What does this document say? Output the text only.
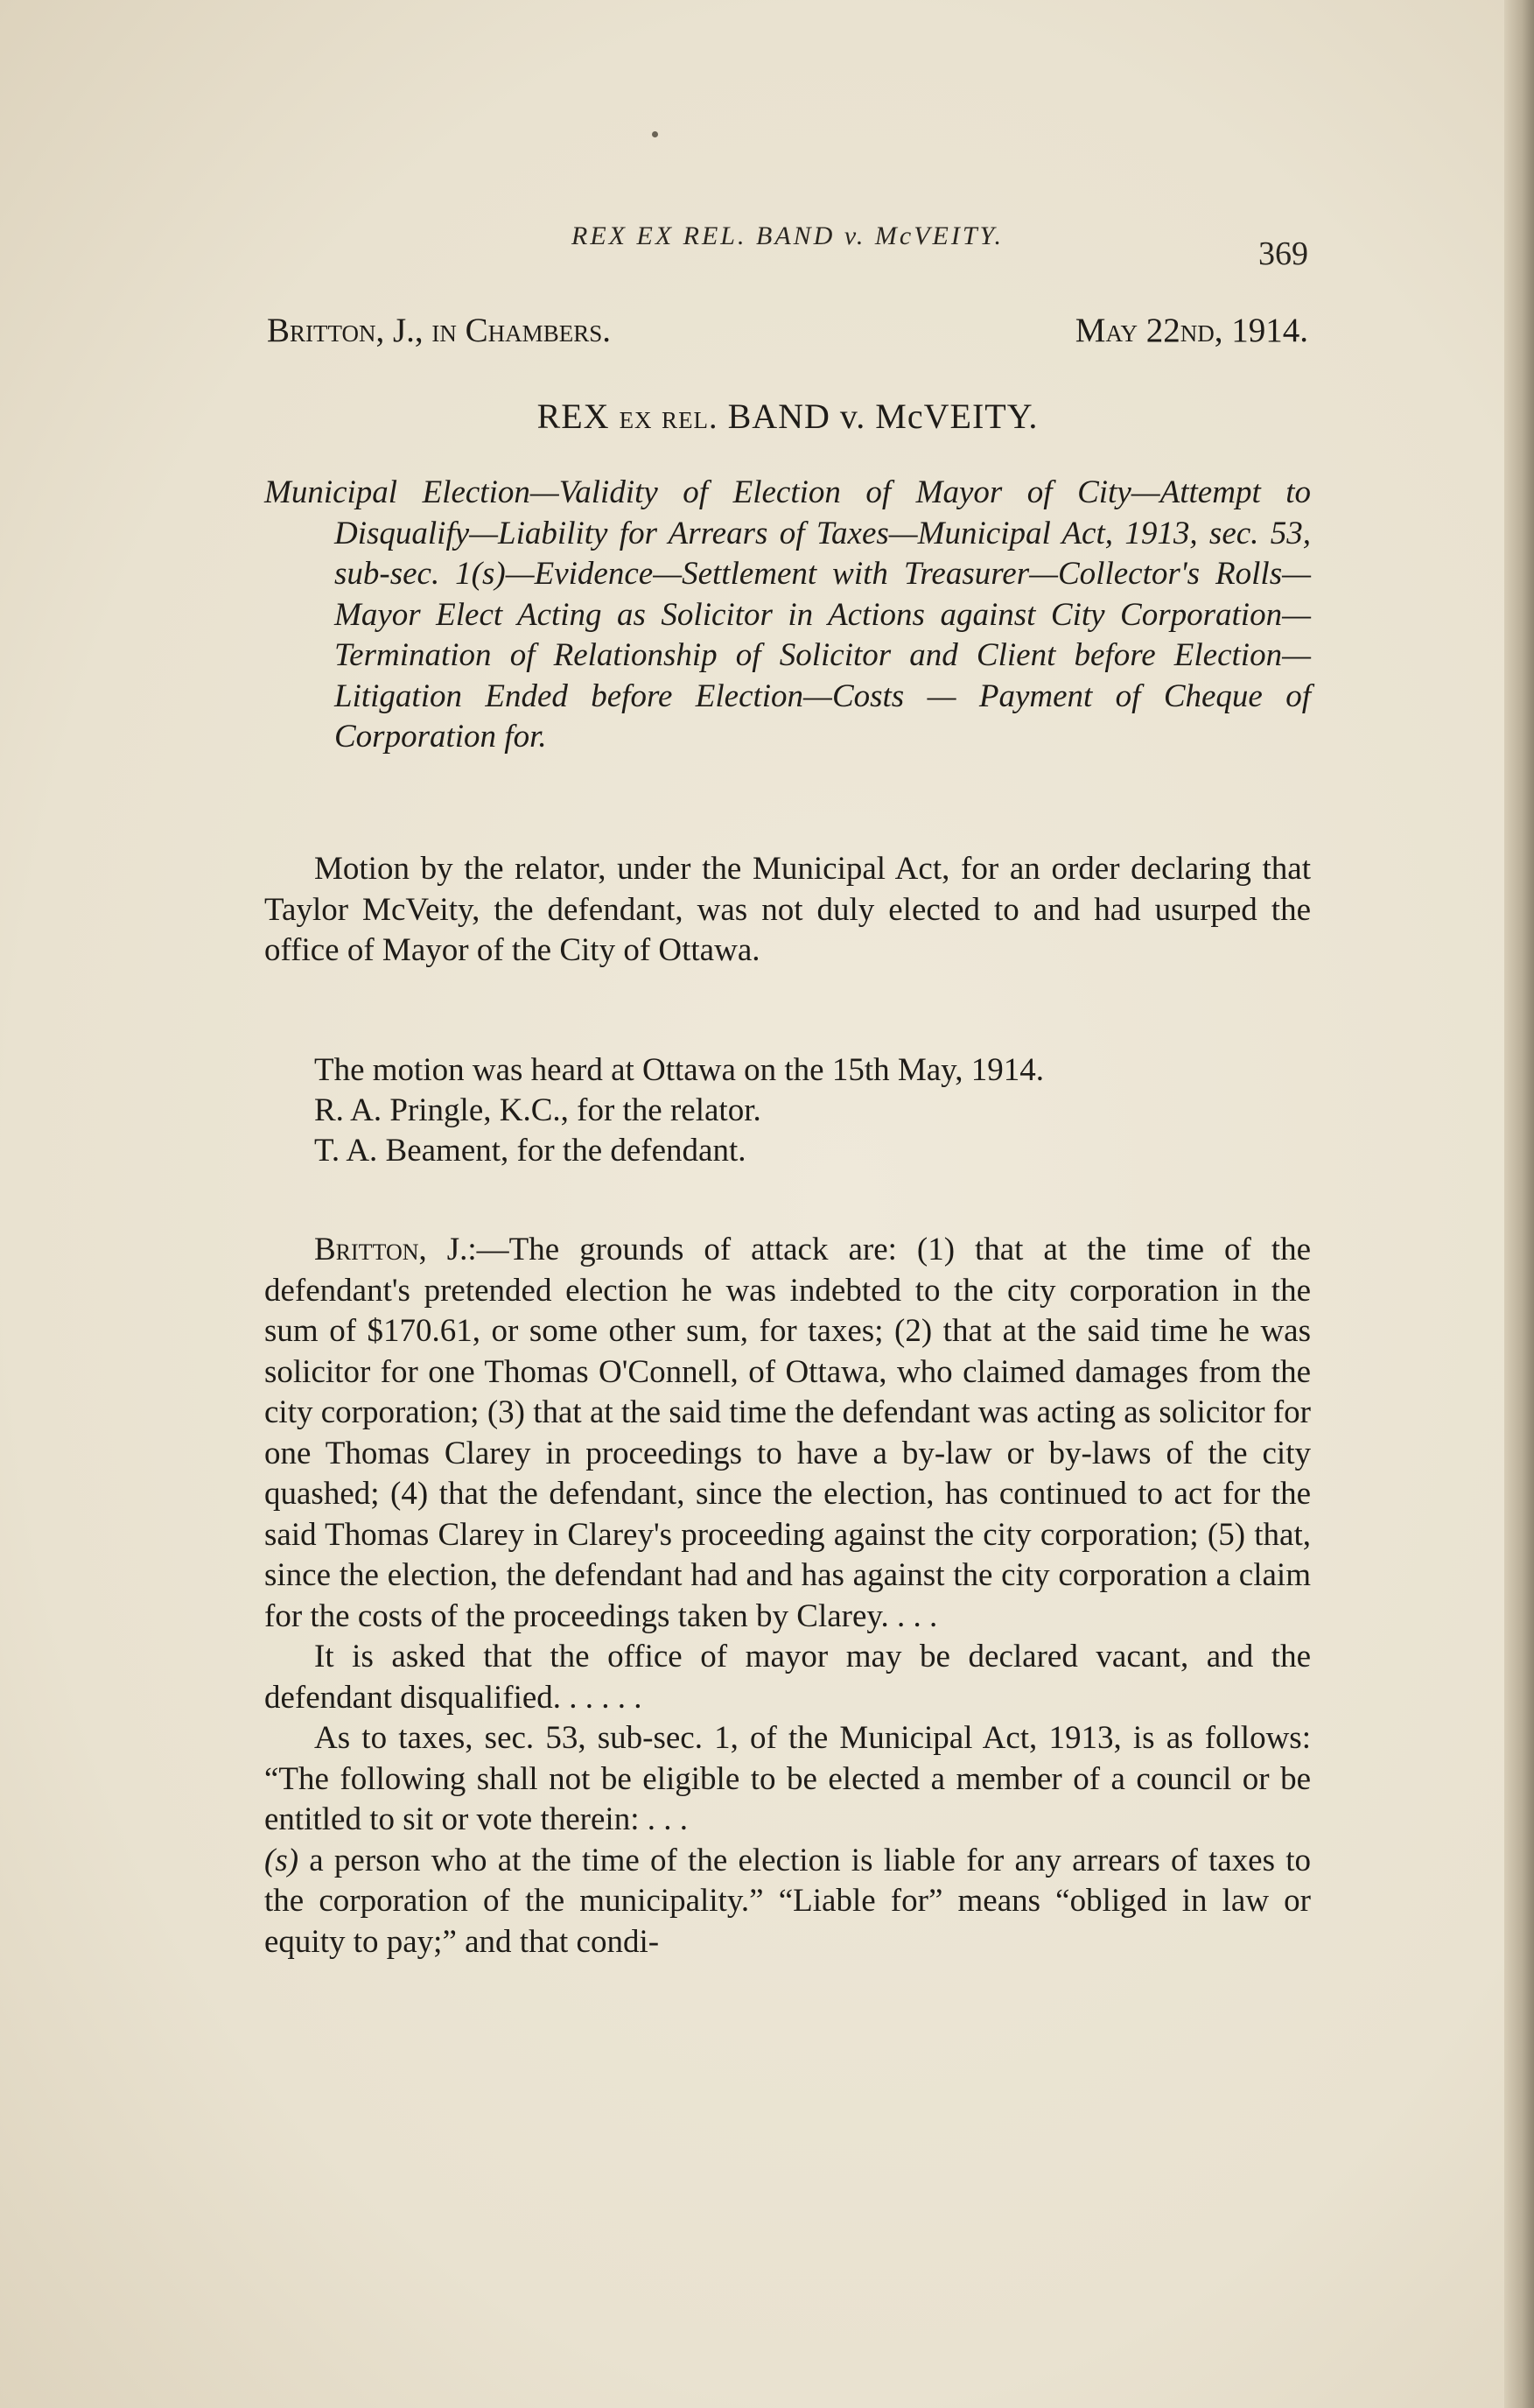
REX EX REL. BAND v. McVEITY.	369
Britton, J., in Chambers.	May 22nd, 1914.
REX ex rel. BAND v. McVEITY.
Municipal Election—Validity of Election of Mayor of City—Attempt to Disqualify—Liability for Arrears of Taxes—Municipal Act, 1913, sec. 53, sub-sec. 1(s)—Evidence—Settlement with Treasurer—Collector's Rolls—Mayor Elect Acting as Solicitor in Actions against City Corporation—Termination of Relationship of Solicitor and Client before Election—Litigation Ended before Election—Costs — Payment of Cheque of Corporation for.

Motion by the relator, under the Municipal Act, for an order declaring that Taylor McVeity, the defendant, was not duly elected to and had usurped the office of Mayor of the City of Ottawa.

The motion was heard at Ottawa on the 15th May, 1914.
R. A. Pringle, K.C., for the relator.
T. A. Beament, for the defendant.

Britton, J.:—The grounds of attack are: (1) that at the time of the defendant's pretended election he was indebted to the city corporation in the sum of $170.61, or some other sum, for taxes; (2) that at the said time he was solicitor for one Thomas O'Connell, of Ottawa, who claimed damages from the city corporation; (3) that at the said time the defendant was acting as solicitor for one Thomas Clarey in proceedings to have a by-law or by-laws of the city quashed; (4) that the defendant, since the election, has continued to act for the said Thomas Clarey in Clarey's proceeding against the city corporation; (5) that, since the election, the defendant had and has against the city corporation a claim for the costs of the proceedings taken by Clarey. . . .

It is asked that the office of mayor may be declared vacant, and the defendant disqualified. . . . . .

As to taxes, sec. 53, sub-sec. 1, of the Municipal Act, 1913, is as follows: “The following shall not be eligible to be elected a member of a council or be entitled to sit or vote therein: . . .
(s) a person who at the time of the election is liable for any arrears of taxes to the corporation of the municipality.” “Liable for” means “obliged in law or equity to pay;” and that condi-
